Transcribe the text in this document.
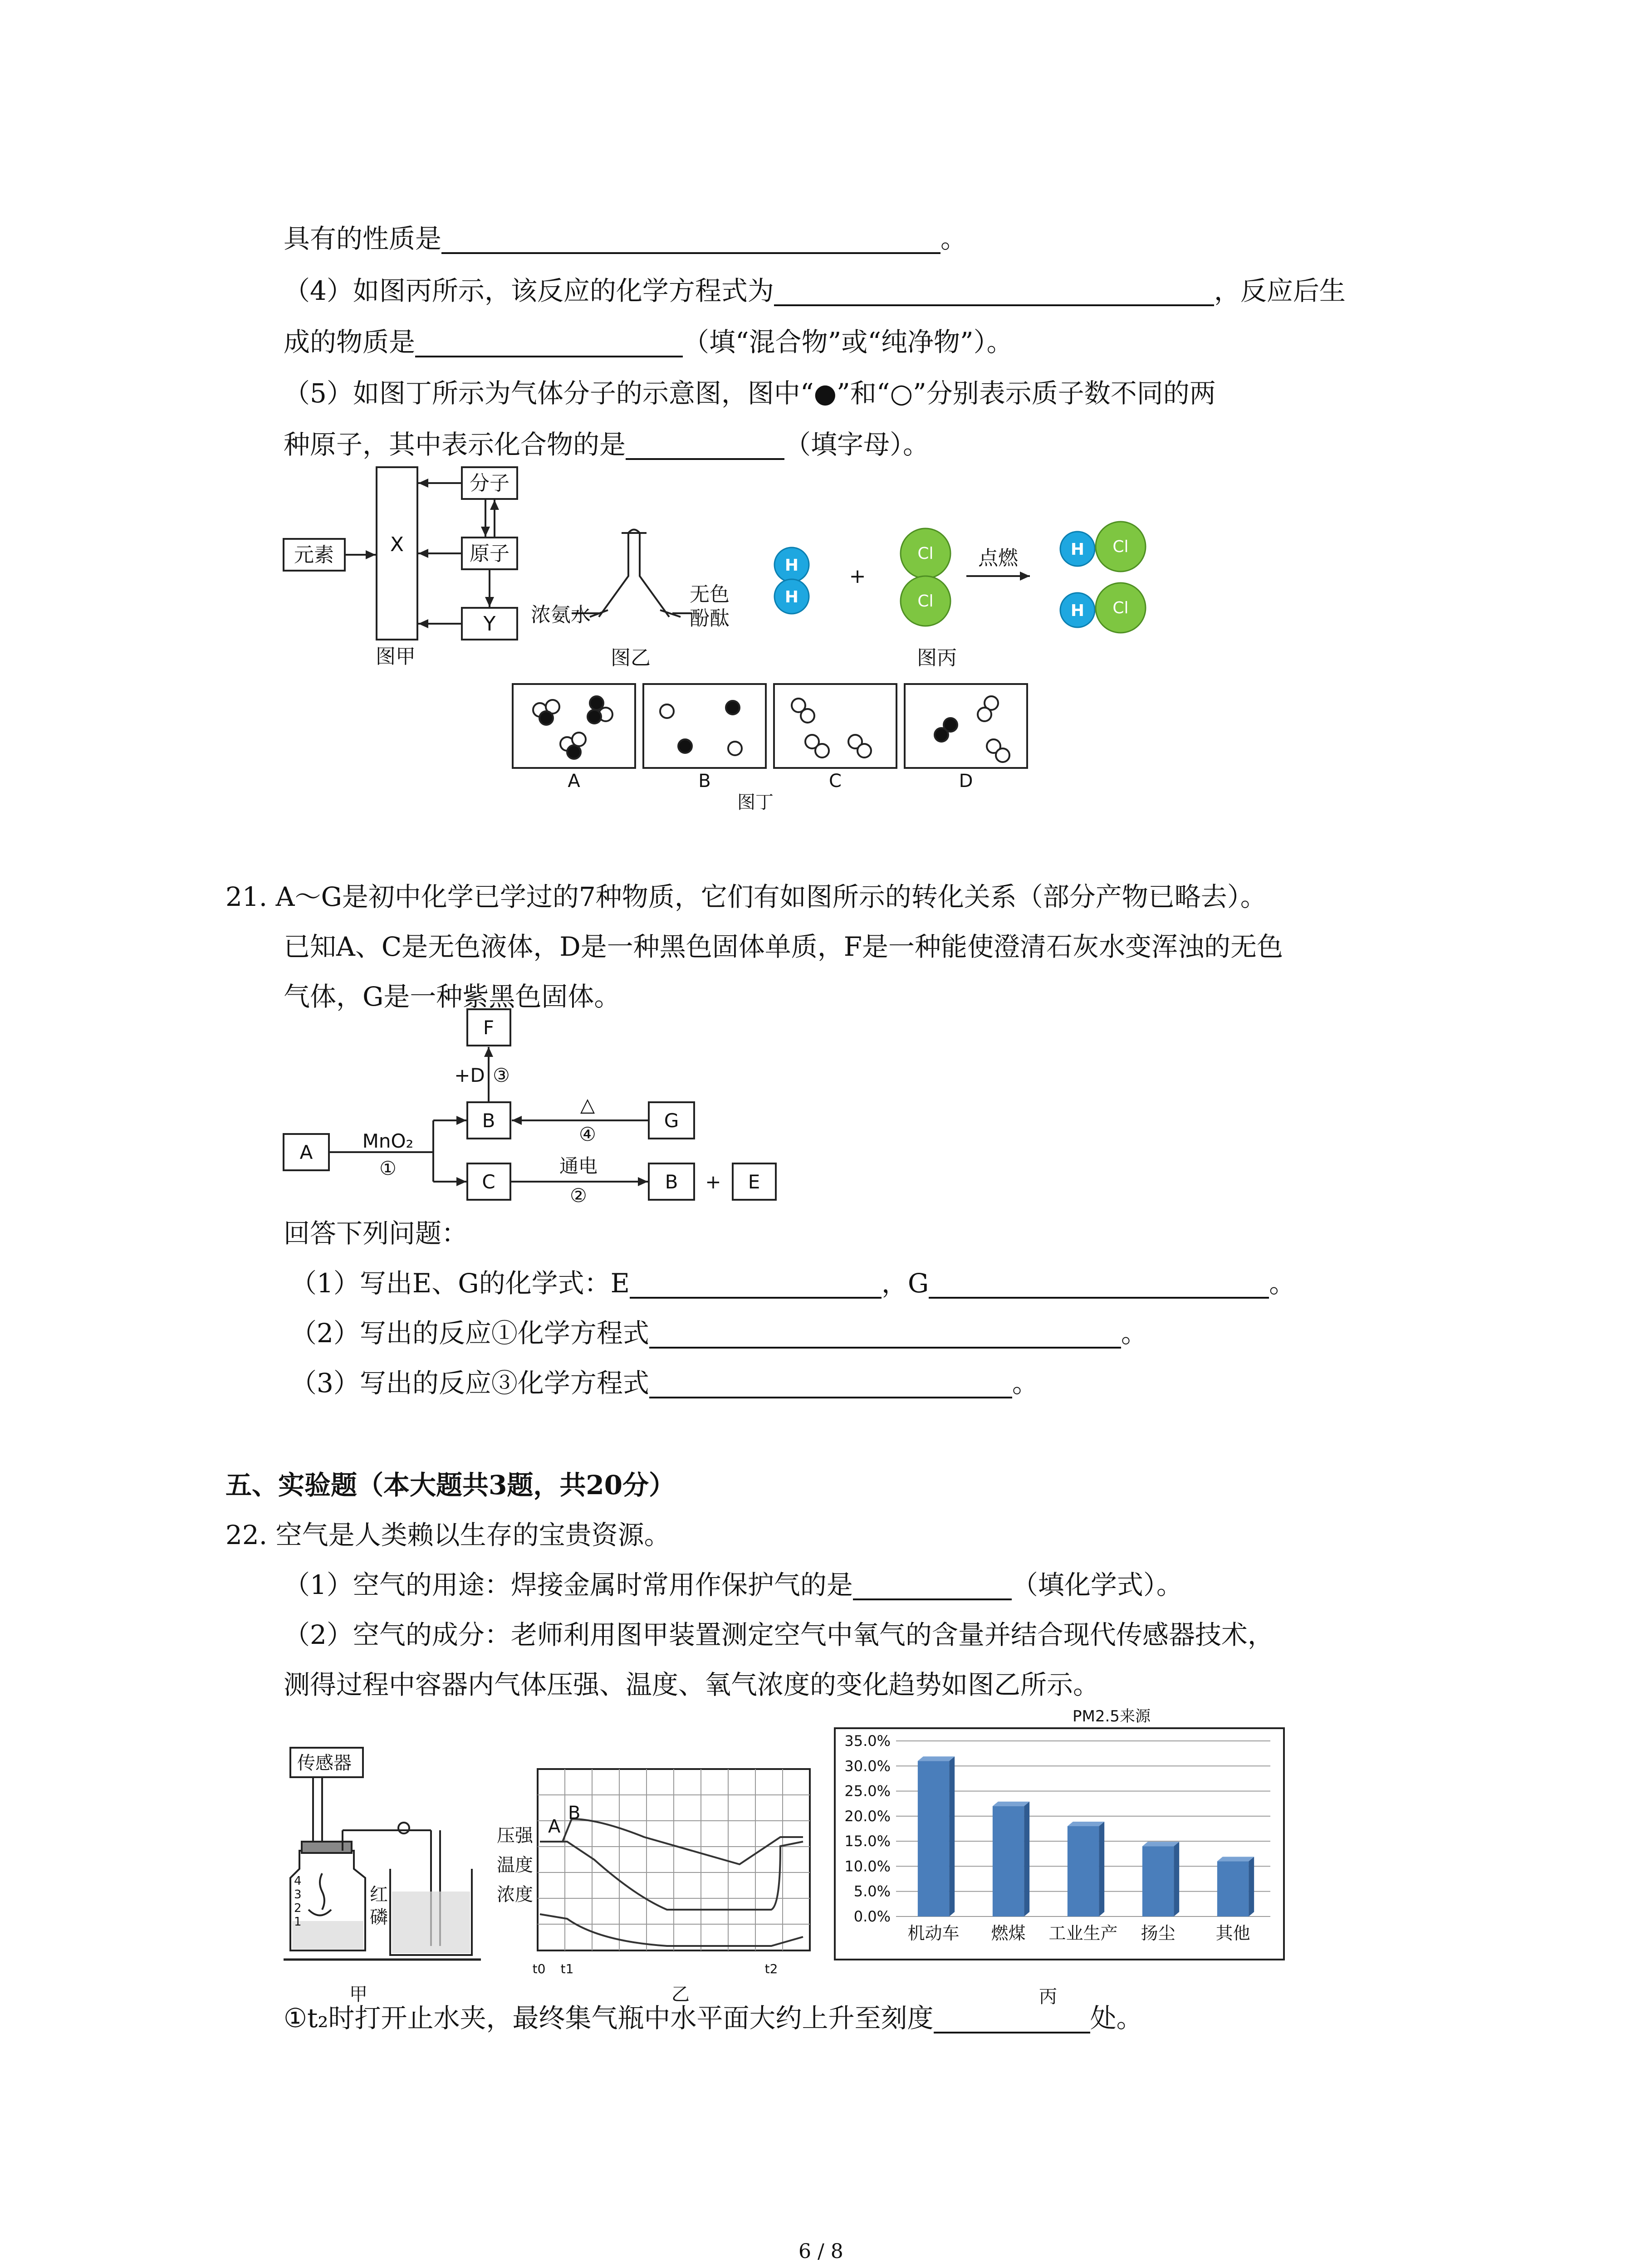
具有的性质是	。
（4）如图丙所示，该反应的化学方程式为	，反应后生
成的物质是	（填“混合物”或“纯净物”）。
（5）如图丁所示为气体分子的示意图，图中“●”和“○”分别表示质子数不同的两
种原子，其中表示化合物的是	（填字母）。
元素	X
分子
原子
Y
图甲
浓氨水
无色
酚酞
图乙
H
H
H
H
Cl
Cl
Cl
Cl
+
点燃
图丙
A	B	C	D
图丁
21. A～G是初中化学已学过的7种物质，它们有如图所示的转化关系（部分产物已略去）。
已知A、C是无色液体，D是一种黑色固体单质，F是一种能使澄清石灰水变浑浊的无色
气体，G是一种紫黑色固体。
F
A
B
C
G
B	E
+
MnO₂
①
+D ③
△
④
通电
②
回答下列问题：
（1）写出E、G的化学式：E	，G	。
（2）写出的反应①化学方程式	。
（3）写出的反应③化学方程式	。
五、实验题（本大题共3题，共20分）
22. 空气是人类赖以生存的宝贵资源。
（1）空气的用途：焊接金属时常用作保护气的是	（填化学式）。
（2）空气的成分：老师利用图甲装置测定空气中氧气的含量并结合现代传感器技术，
测得过程中容器内气体压强、温度、氧气浓度的变化趋势如图乙所示。
传感器
红
磷
甲
4
3
2
1
压强
温度
浓度
A
B
乙
t0 t1	t2
PM2.5来源
丙
0.0%
5.0%
10.0%
15.0%
20.0%
25.0%
30.0%
35.0%
机动车 燃煤 工业生产 扬尘 其他
①t₂时打开止水夹，最终集气瓶中水平面大约上升至刻度	处。
6 / 8
